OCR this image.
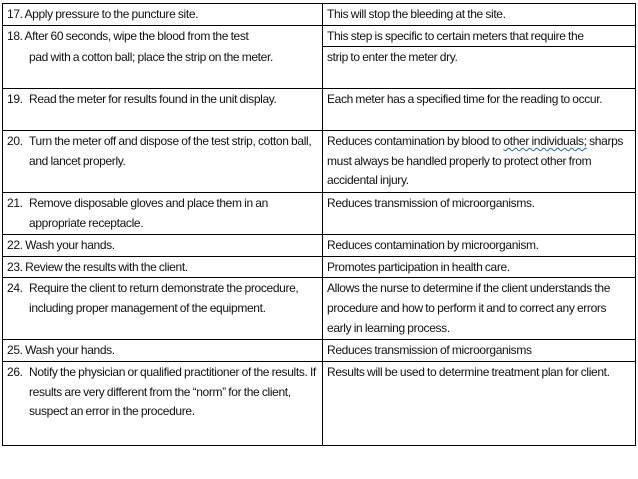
17. Apply pressure to the puncture site.	This will stop the bleeding at the site.
18. After 60 seconds, wipe the blood from the test	This step is specific to certain meters that require the
pad with a cotton ball; place the strip on the meter.	strip to enter the meter dry.
19. Read the meter for results found in the unit display.	Each meter has a specified time for the reading to occur.
20. Turn the meter off and dispose of the test strip, cotton ball, and lancet properly.	Reduces contamination by blood to other individuals; sharps must always be handled properly to protect other from accidental injury.
21. Remove disposable gloves and place them in an appropriate receptacle.	Reduces transmission of microorganisms.
22. Wash your hands.	Reduces contamination by microorganism.
23. Review the results with the client.	Promotes participation in health care.
24. Require the client to return demonstrate the procedure, including proper management of the equipment.	Allows the nurse to determine if the client understands the procedure and how to perform it and to correct any errors early in learning process.
25. Wash your hands.	Reduces transmission of microorganisms
26. Notify the physician or qualified practitioner of the results. If results are very different from the “norm” for the client, suspect an error in the procedure.	Results will be used to determine treatment plan for client.
